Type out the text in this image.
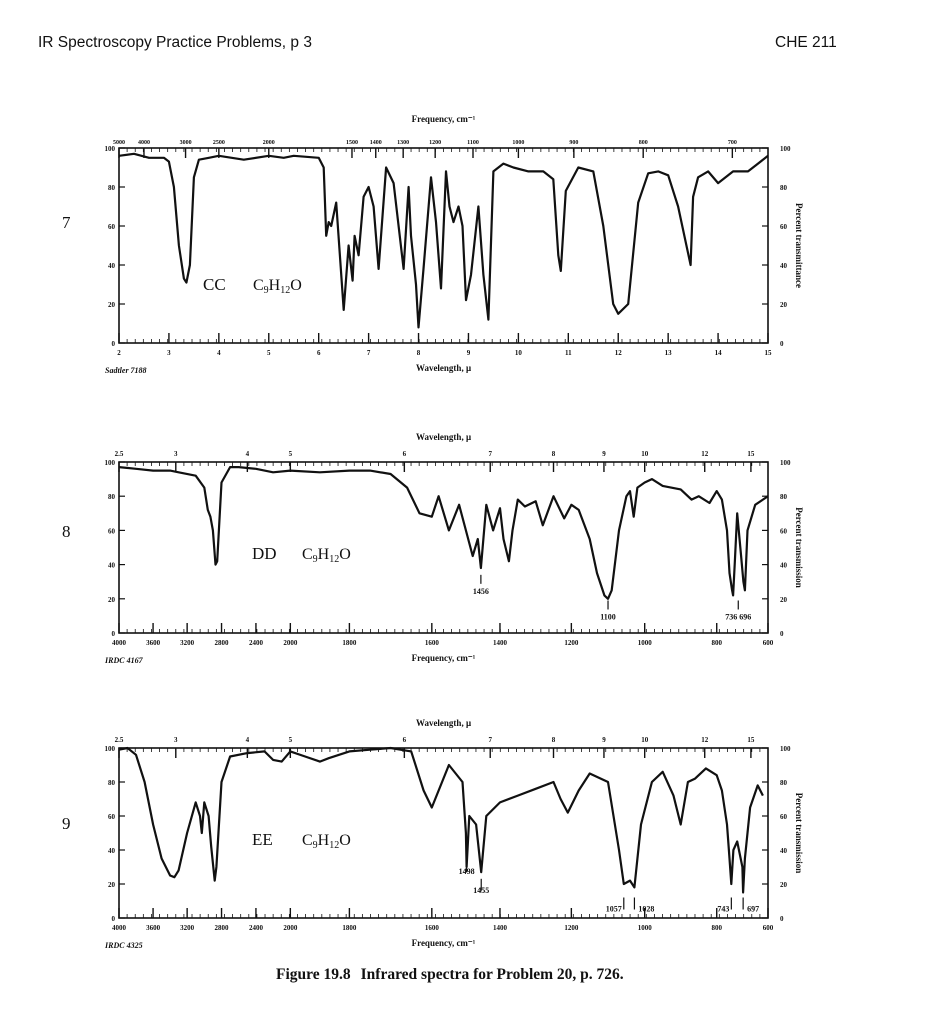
IR Spectroscopy Practice Problems, p 3	CHE 211
7
8
9
0	0
20	20
40	40
60	60
80	80
100	100
2	3	4	5	6	7	8	9	10	11	12	13	14	15
5000 4000	3000	2500	2000	1500 1400	1300	1200	1100	1000	900	800	700
Frequency, cm⁻¹
Wavelength, μ
Percent transmittance
Sadtler 7188
CC C9H12O
0	0
20	20
40	40
60	60
80	80
100	100
4000	3600	3200	2800	2400	2000	1800	1600	1400	1200	1000	800	600
2.5	3	4	5	6	7	8	9	10	12	15
Wavelength, μ
Frequency, cm⁻¹
Percent transmission
IRDC 4167
DD C9H12O
1456
1100	736 696
0	0
20	20
40	40
60	60
80	80
100	100
4000	3600	3200	2800	2400	2000	1800	1600	1400	1200	1000	800	600
2.5	3	4	5	6	7	8	9	10	12	15
Wavelength, μ
Frequency, cm⁻¹
Percent transmission
IRDC 4325
EE C9H12O
1498
1455
1057 1028	743 697
Figure 19.8 Infrared spectra for Problem 20, p. 726.
